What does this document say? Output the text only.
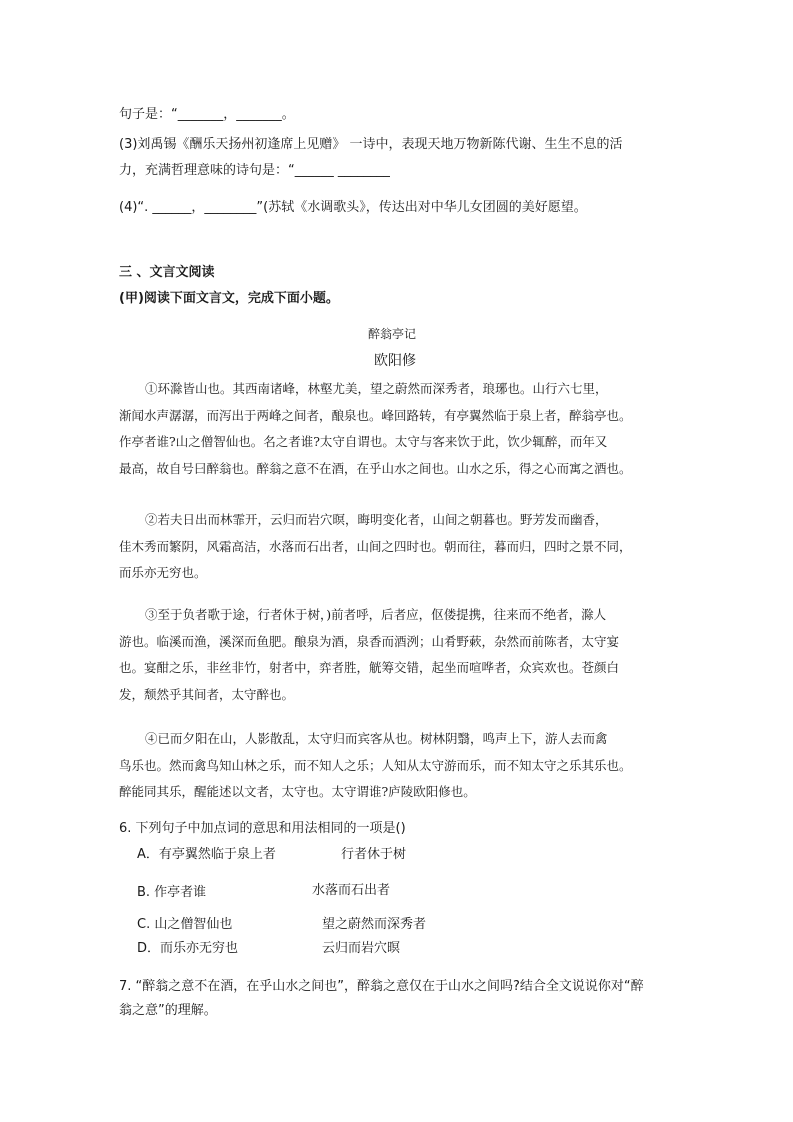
句子是：“_______，_______。
(3)刘禹锡《酬乐天扬州初逢席上见赠》 一诗中，表现天地万物新陈代谢、生生不息的活
力，充满哲理意味的诗句是：“______ ________
(4)“. ______，________”(苏轼《水调歌头》，传达出对中华儿女团圆的美好愿望。
三 、文言文阅读
(甲)阅读下面文言文，完成下面小题。
醉翁亭记
欧阳修
①环滁皆山也。其西南诸峰，林壑尤美，望之蔚然而深秀者，琅琊也。山行六七里，
渐闻水声潺潺，而泻出于两峰之间者，酿泉也。峰回路转，有亭翼然临于泉上者，醉翁亭也。
作亭者谁?山之僧智仙也。名之者谁?太守自谓也。太守与客来饮于此，饮少辄醉，而年又
最高，故自号曰醉翁也。醉翁之意不在酒，在乎山水之间也。山水之乐，得之心而寓之酒也。
②若夫日出而林霏开，云归而岩穴暝，晦明变化者，山间之朝暮也。野芳发而幽香，
佳木秀而繁阴，风霜高洁，水落而石出者，山间之四时也。朝而往，暮而归，四时之景不同，
而乐亦无穷也。
③至于负者歌于途，行者休于树，)前者呼，后者应，伛偻提携，往来而不绝者，滁人
游也。临溪而渔，溪深而鱼肥。酿泉为酒，泉香而酒洌；山肴野蔌，杂然而前陈者，太守宴
也。宴酣之乐，非丝非竹，射者中，弈者胜，觥筹交错，起坐而喧哗者，众宾欢也。苍颜白
发，颓然乎其间者，太守醉也。
④已而夕阳在山，人影散乱，太守归而宾客从也。树林阴翳，鸣声上下，游人去而禽
鸟乐也。然而禽鸟知山林之乐，而不知人之乐；人知从太守游而乐，而不知太守之乐其乐也。
醉能同其乐，醒能述以文者，太守也。太守谓谁?庐陵欧阳修也。
6. 下列句子中加点词的意思和用法相同的一项是()
A．有亭翼然临于泉上者	行者休于树
B. 作亭者谁	水落而石出者
C. 山之僧智仙也	望之蔚然而深秀者
D．而乐亦无穷也	云归而岩穴暝
7. “醉翁之意不在酒，在乎山水之间也”，醉翁之意仅在于山水之间吗?结合全文说说你对“醉
翁之意”的理解。
